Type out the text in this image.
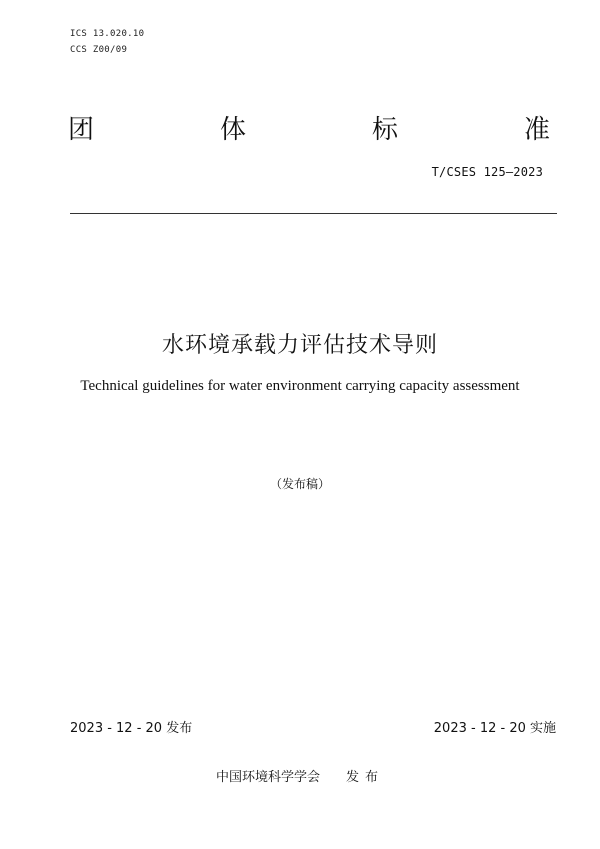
ICS 13.020.10
CCS Z00/09
团	体	标	准
T/CSES 125—2023
水环境承载力评估技术导则
Technical guidelines for water environment carrying capacity assessment
（发布稿）
2023 - 12 - 20 发布	2023 - 12 - 20 实施
中国环境科学学会 发布
